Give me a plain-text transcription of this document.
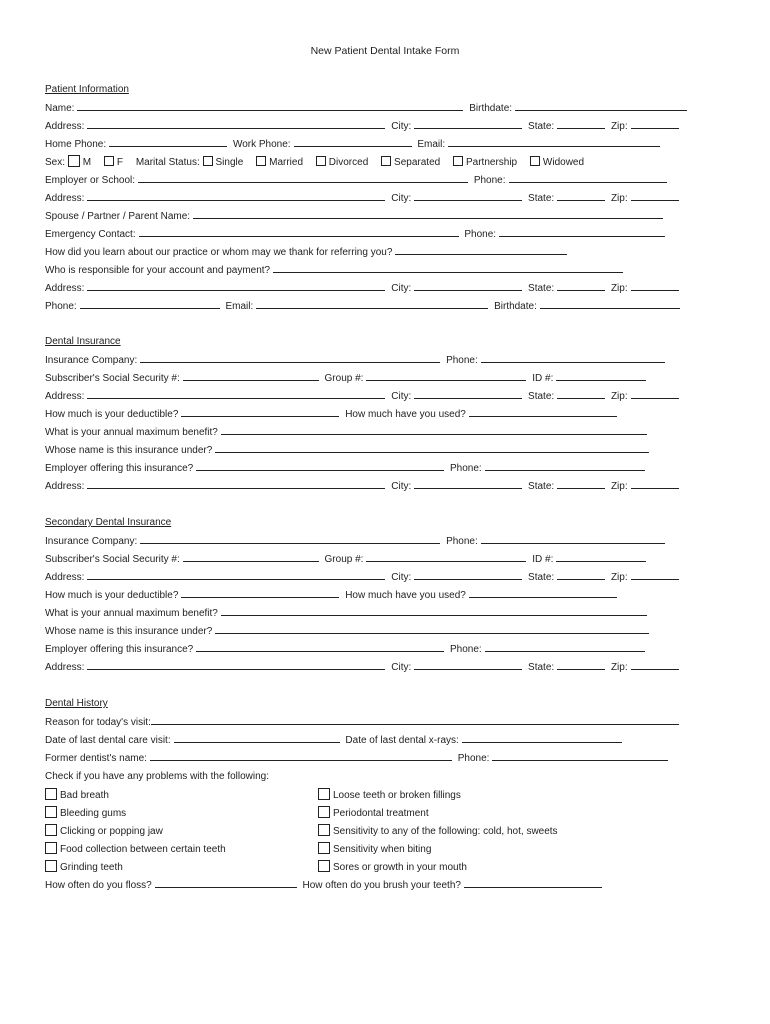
New Patient Dental Intake Form
Patient Information
Name:	Birthdate:
Address:	City:	State:	Zip:
Home Phone:	Work Phone:	Email:
Sex: M	F Marital Status: Single	Married	Divorced	Separated	Partnership	Widowed
Employer or School:	Phone:
Address:	City:	State:	Zip:
Spouse / Partner / Parent Name:
Emergency Contact:	Phone:
How did you learn about our practice or whom may we thank for referring you?
Who is responsible for your account and payment?
Address:	City:	State:	Zip:
Phone:	Email:	Birthdate:
Dental Insurance
Insurance Company:	Phone:
Subscriber's Social Security #:	Group #:	ID #:
Address:	City:	State:	Zip:
How much is your deductible?	How much have you used?
What is your annual maximum benefit?
Whose name is this insurance under?
Employer offering this insurance?	Phone:
Address:	City:	State:	Zip:
Secondary Dental Insurance
Insurance Company:	Phone:
Subscriber's Social Security #:	Group #:	ID #:
Address:	City:	State:	Zip:
How much is your deductible?	How much have you used?
What is your annual maximum benefit?
Whose name is this insurance under?
Employer offering this insurance?	Phone:
Address:	City:	State:	Zip:
Dental History
Reason for today's visit:
Date of last dental care visit:	Date of last dental x-rays:
Former dentist's name:	Phone:
Check if you have any problems with the following:
Bad breath
Bleeding gums
Clicking or popping jaw
Food collection between certain teeth
Grinding teeth
Loose teeth or broken fillings
Periodontal treatment
Sensitivity to any of the following: cold, hot, sweets
Sensitivity when biting
Sores or growth in your mouth
How often do you floss?	How often do you brush your teeth?
